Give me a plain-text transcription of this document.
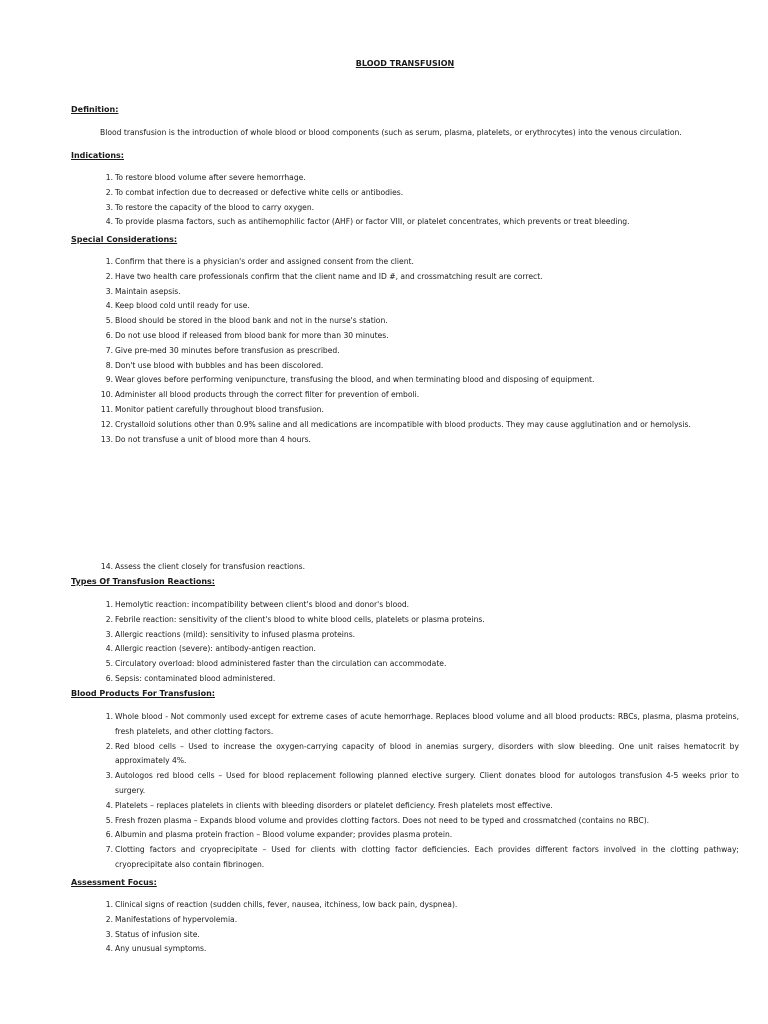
BLOOD TRANSFUSION
Definition:

Blood transfusion is the introduction of whole blood or blood components (such as serum, plasma, platelets, or erythrocytes) into the venous circulation.

Indications:
1. To restore blood volume after severe hemorrhage.
2. To combat infection due to decreased or defective white cells or antibodies.
3. To restore the capacity of the blood to carry oxygen.
4. To provide plasma factors, such as antihemophilic factor (AHF) or factor VIII, or platelet concentrates, which prevents or treat bleeding.
Special Considerations:
1. Confirm that there is a physician's order and assigned consent from the client.
2. Have two health care professionals confirm that the client name and ID #, and crossmatching result are correct.
3. Maintain asepsis.
4. Keep blood cold until ready for use.
5. Blood should be stored in the blood bank and not in the nurse's station.
6. Do not use blood if released from blood bank for more than 30 minutes.
7. Give pre-med 30 minutes before transfusion as prescribed.
8. Don't use blood with bubbles and has been discolored.
9. Wear gloves before performing venipuncture, transfusing the blood, and when terminating blood and disposing of equipment.
10. Administer all blood products through the correct filter for prevention of emboli.
11. Monitor patient carefully throughout blood transfusion.
12. Crystalloid solutions other than 0.9% saline and all medications are incompatible with blood products. They may cause agglutination and or hemolysis.
13. Do not transfuse a unit of blood more than 4 hours.
14. Assess the client closely for transfusion reactions.
Types Of Transfusion Reactions:
1. Hemolytic reaction: incompatibility between client's blood and donor's blood.
2. Febrile reaction: sensitivity of the client's blood to white blood cells, platelets or plasma proteins.
3. Allergic reactions (mild): sensitivity to infused plasma proteins.
4. Allergic reaction (severe): antibody-antigen reaction.
5. Circulatory overload: blood administered faster than the circulation can accommodate.
6. Sepsis: contaminated blood administered.
Blood Products For Transfusion:
1. Whole blood - Not commonly used except for extreme cases of acute hemorrhage. Replaces blood volume and all blood products: RBCs, plasma, plasma proteins, fresh platelets, and other clotting factors.
2. Red blood cells – Used to increase the oxygen-carrying capacity of blood in anemias surgery, disorders with slow bleeding. One unit raises hematocrit by approximately 4%.
3. Autologos red blood cells – Used for blood replacement following planned elective surgery. Client donates blood for autologos transfusion 4-5 weeks prior to surgery.
4. Platelets – replaces platelets in clients with bleeding disorders or platelet deficiency. Fresh platelets most effective.
5. Fresh frozen plasma – Expands blood volume and provides clotting factors. Does not need to be typed and crossmatched (contains no RBC).
6. Albumin and plasma protein fraction – Blood volume expander; provides plasma protein.
7. Clotting factors and cryoprecipitate – Used for clients with clotting factor deficiencies. Each provides different factors involved in the clotting pathway; cryoprecipitate also contain fibrinogen.
Assessment Focus:
1. Clinical signs of reaction (sudden chills, fever, nausea, itchiness, low back pain, dyspnea).
2. Manifestations of hypervolemia.
3. Status of infusion site.
4. Any unusual symptoms.
